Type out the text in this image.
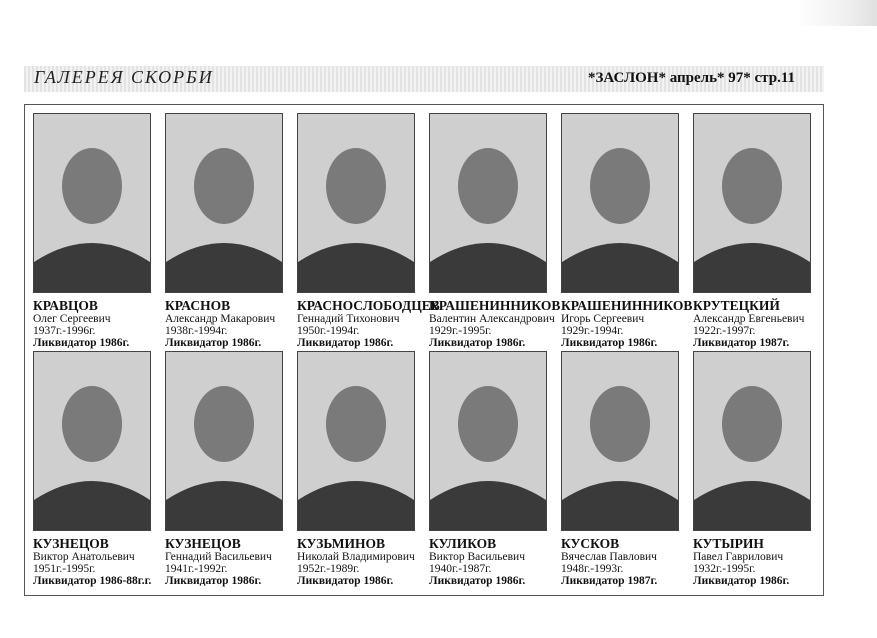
ГАЛЕРЕЯ СКОРБИ	*ЗАСЛОН* апрель* 97* стр.11
КРАВЦОВ
Олег Сергеевич
1937г.-1996г.
Ликвидатор 1986г.
КРАСНОВ
Александр Макарович
1938г.-1994г.
Ликвидатор 1986г.
КРАСНОСЛОБОДЦЕВ
Геннадий Тихонович
1950г.-1994г.
Ликвидатор 1986г.
КРАШЕНИННИКОВ
Валентин Александрович
1929г.-1995г.
Ликвидатор 1986г.
КРАШЕНИННИКОВ
Игорь Сергеевич
1929г.-1994г.
Ликвидатор 1986г.
КРУТЕЦКИЙ
Александр Евгеньевич
1922г.-1997г.
Ликвидатор 1987г.
КУЗНЕЦОВ
Виктор Анатольевич
1951г.-1995г.
Ликвидатор 1986-88г.г.
КУЗНЕЦОВ
Геннадий Васильевич
1941г.-1992г.
Ликвидатор 1986г.
КУЗЬМИНОВ
Николай Владимирович
1952г.-1989г.
Ликвидатор 1986г.
КУЛИКОВ
Виктор Васильевич
1940г.-1987г.
Ликвидатор 1986г.
КУСКОВ
Вячеслав Павлович
1948г.-1993г.
Ликвидатор 1987г.
КУТЫРИН
Павел Гаврилович
1932г.-1995г.
Ликвидатор 1986г.
